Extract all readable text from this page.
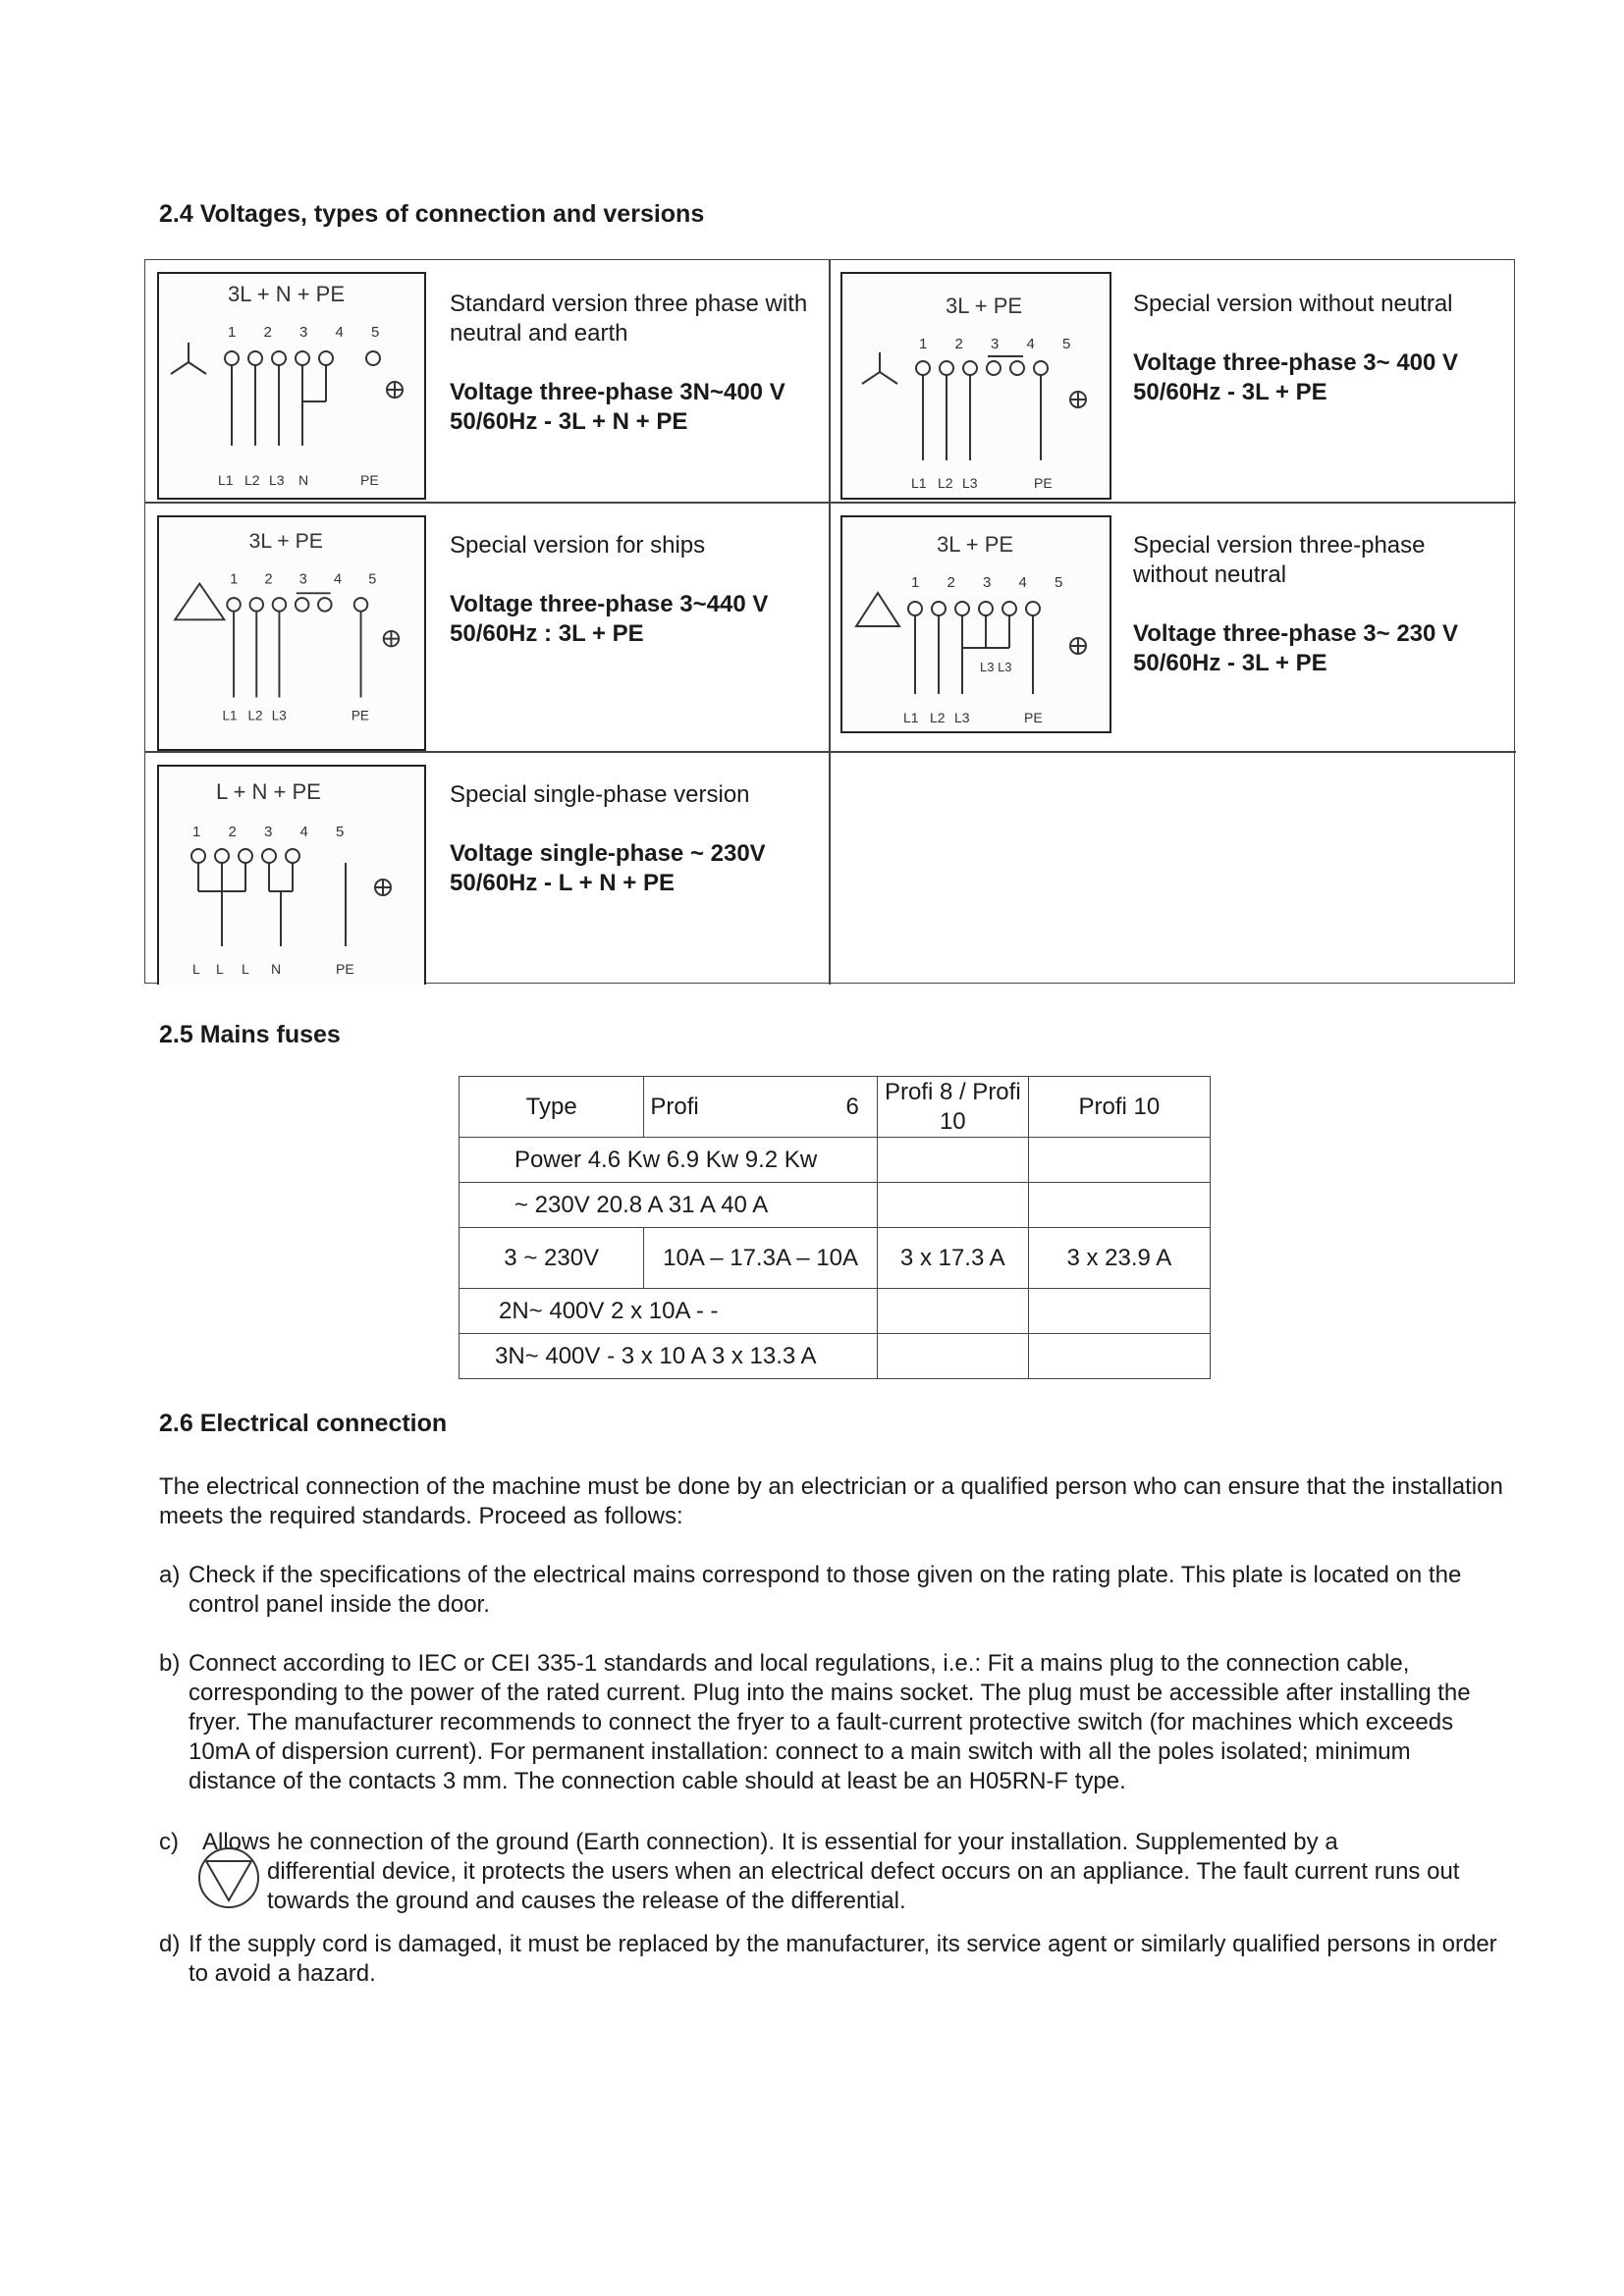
2.4 Voltages, types of connection and versions
3L + N + PE
1 2 3 4 5
L1 L2 L3 N	PE
Standard version three phase with neutral and earth
Voltage three-phase 3N~400 V 50/60Hz - 3L + N + PE
3L + PE
1 2 3 4 5
L1 L2 L3	PE
Special version without neutral
Voltage three-phase 3~ 400 V 50/60Hz - 3L + PE
3L + PE
1 2 3 4 5
L1 L2 L3	PE
Special version for ships
Voltage three-phase 3~440 V 50/60Hz : 3L + PE
3L + PE
1 2 3 4 5
L3 L3
L1 L2 L3	PE
Special version three-phase without neutral
Voltage three-phase 3~ 230 V 50/60Hz - 3L + PE
L + N + PE
1 2 3 4 5
L L L N	PE
Special single-phase version
Voltage single-phase ~ 230V 50/60Hz - L + N + PE
2.5 Mains fuses
Type	Profi 6	Profi 8 / Profi 10	Profi 10
Power 4.6 Kw 6.9 Kw 9.2 Kw			
~ 230V 20.8 A 31 A 40 A			
3 ~ 230V	10A – 17.3A – 10A	3 x 17.3 A	3 x 23.9 A
2N~ 400V 2 x 10A - -			
3N~ 400V - 3 x 10 A 3 x 13.3 A			
2.6 Electrical connection

The electrical connection of the machine must be done by an electrician or a qualified person who can ensure that the installation meets the required standards. Proceed as follows:

a) Check if the specifications of the electrical mains correspond to those given on the rating plate. This plate is located on the control panel inside the door.
b) Connect according to IEC or CEI 335-1 standards and local regulations, i.e.: Fit a mains plug to the connection cable, corresponding to the power of the rated current. Plug into the mains socket. The plug must be accessible after installing the fryer. The manufacturer recommends to connect the fryer to a fault-current protective switch (for machines which exceeds 10mA of dispersion current). For permanent installation: connect to a main switch with all the poles isolated; minimum distance of the contacts 3 mm. The connection cable should at least be an H05RN-F type.
c)	Allows he connection of the ground (Earth connection). It is essential for your installation. Supplemented by a
differential device, it protects the users when an electrical defect occurs on an appliance. The fault current runs out towards the ground and causes the release of the differential.
d) If the supply cord is damaged, it must be replaced by the manufacturer, its service agent or similarly qualified persons in order to avoid a hazard.
